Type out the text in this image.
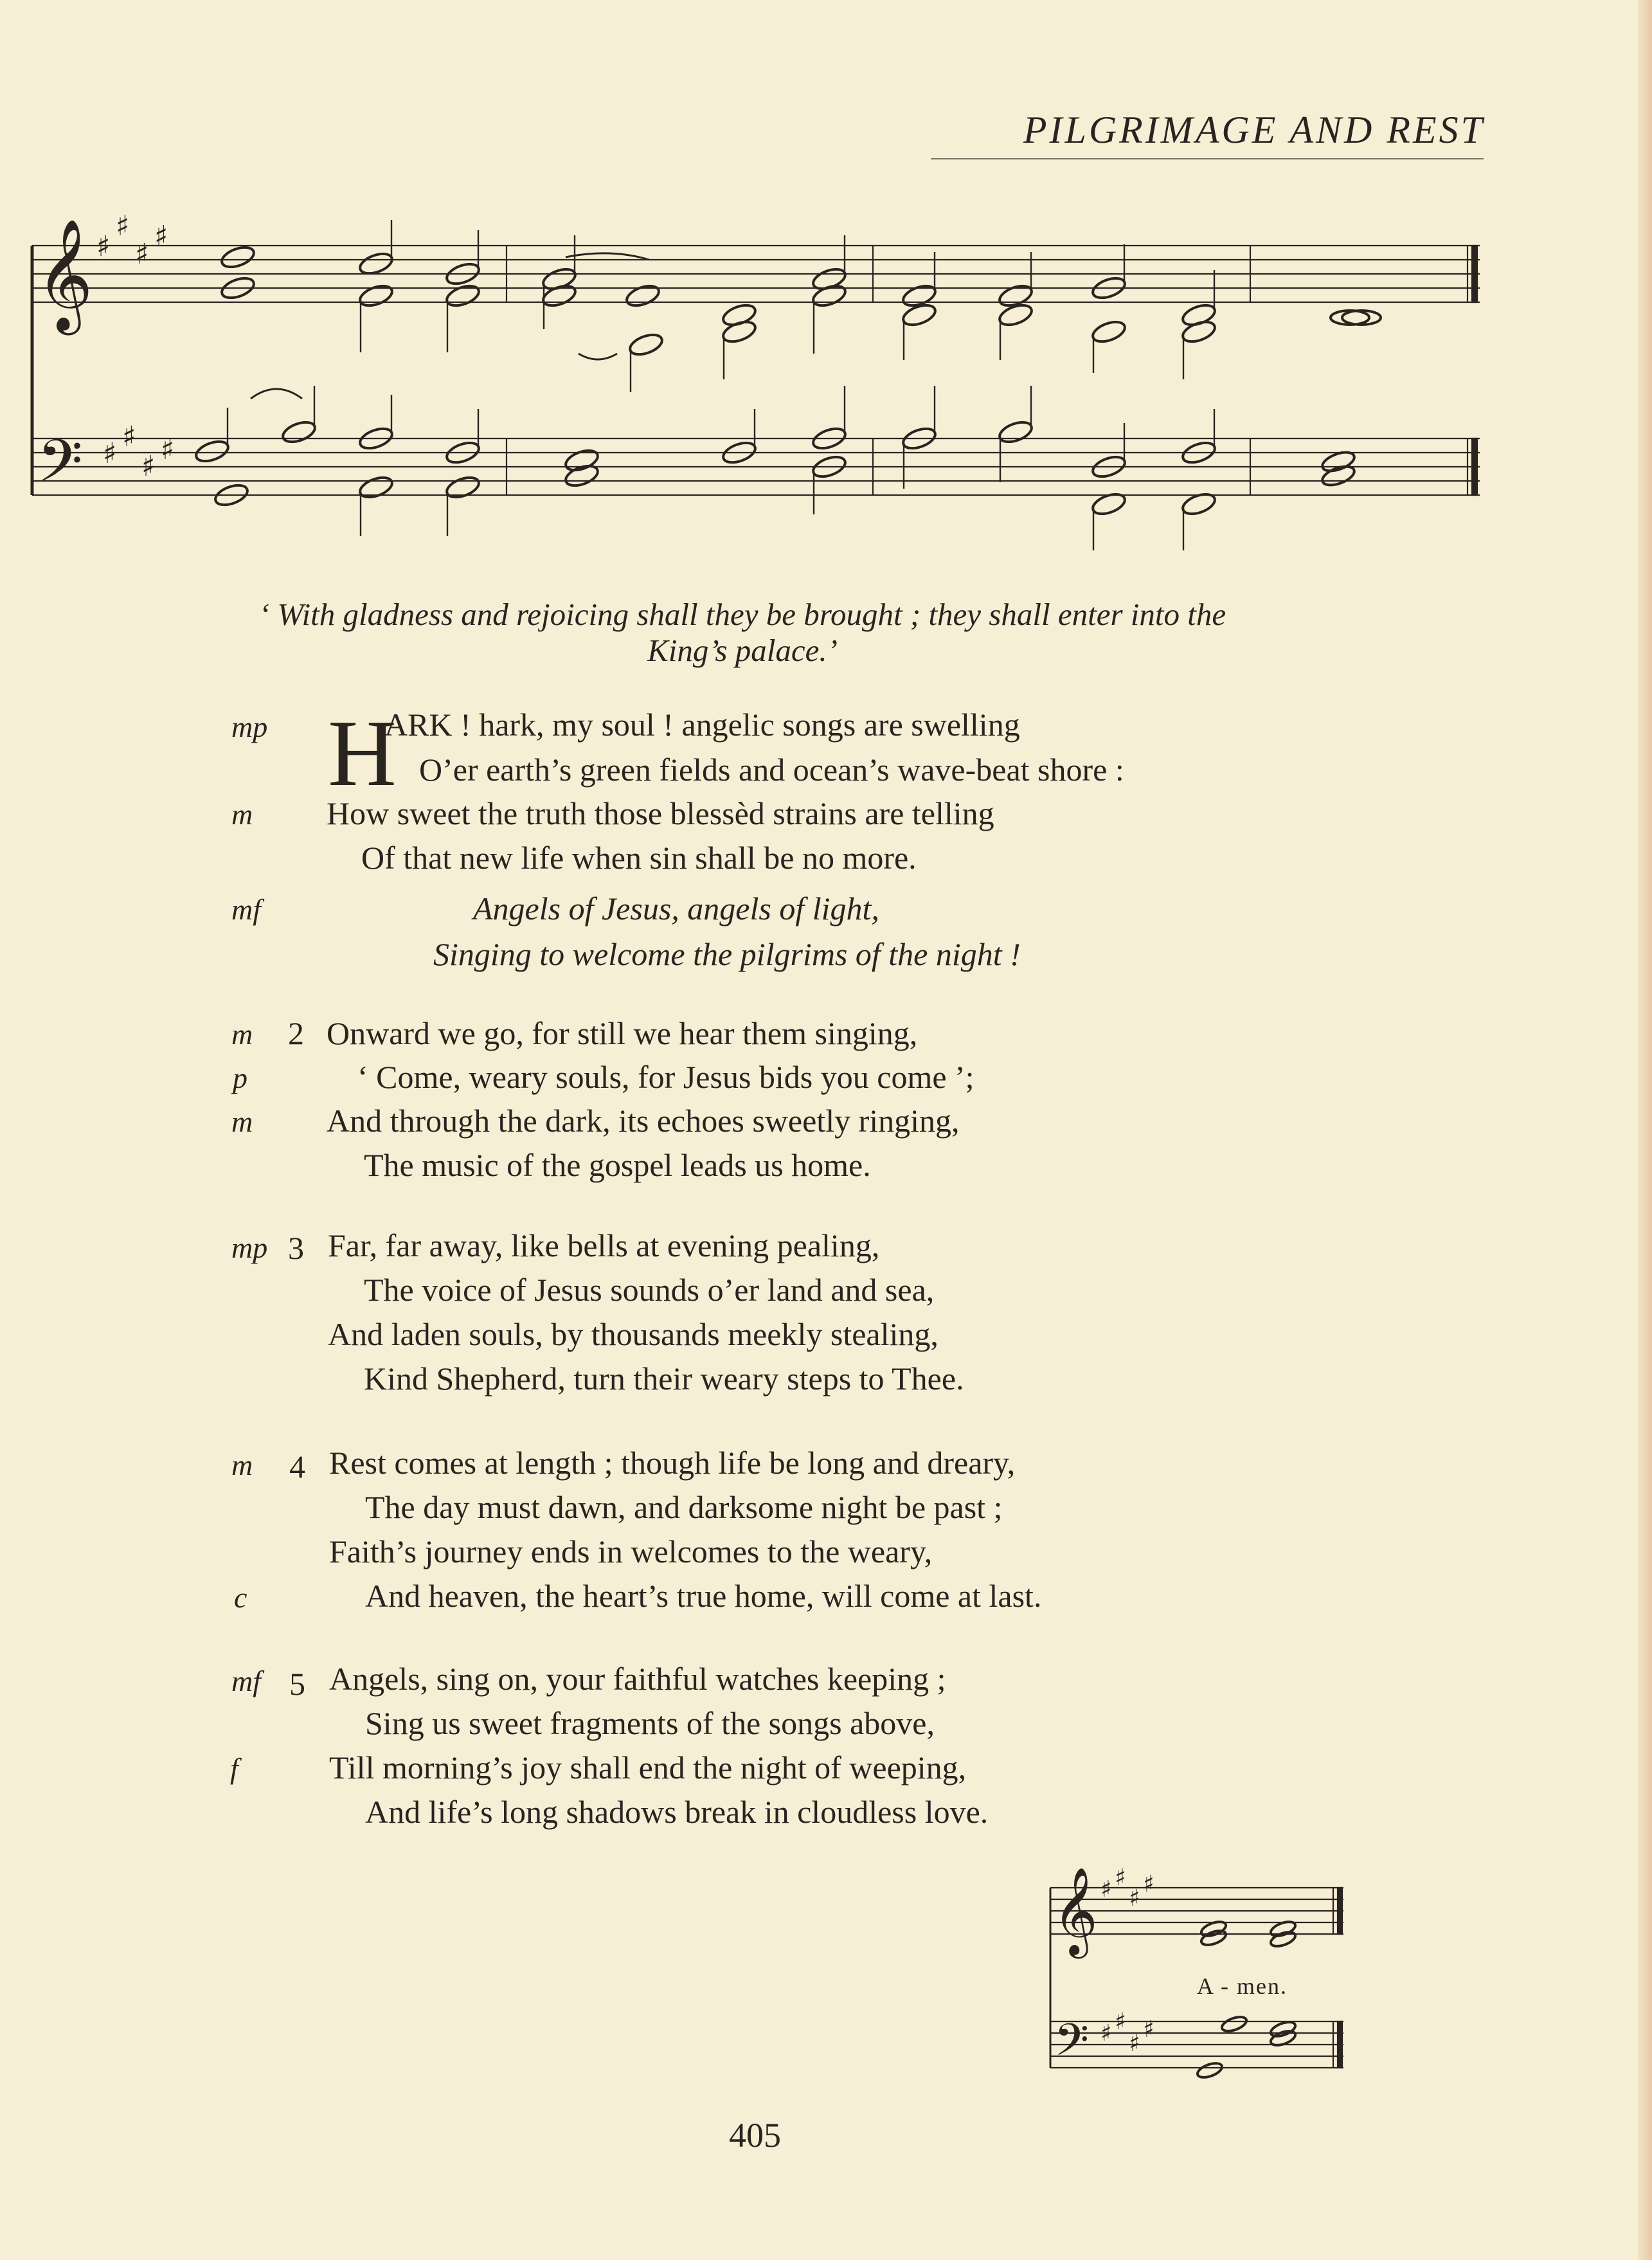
PILGRIMAGE AND REST
𝄞
𝄢
♯
♯
♯
♯
♯
♯
♯
♯
‘ With gladness and rejoicing shall they be brought ; they shall enter into the
King’s palace.’
mp H
ARK ! hark, my soul ! angelic songs are swelling
O’er earth’s green fields and ocean’s wave-beat shore :
m How sweet the truth those blessèd strains are telling
Of that new life when sin shall be no more.
mf	Angels of Jesus, angels of light,
Singing to welcome the pilgrims of the night !
m 2 Onward we go, for still we hear them singing,
p	‘ Come, weary souls, for Jesus bids you come ’;
m And through the dark, its echoes sweetly ringing,
The music of the gospel leads us home.
mp 3 Far, far away, like bells at evening pealing,
The voice of Jesus sounds o’er land and sea,
And laden souls, by thousands meekly stealing,
Kind Shepherd, turn their weary steps to Thee.
m 4 Rest comes at length ; though life be long and dreary,
The day must dawn, and darksome night be past ;
Faith’s journey ends in welcomes to the weary,
c	And heaven, the heart’s true home, will come at last.
mf 5 Angels, sing on, your faithful watches keeping ;
Sing us sweet fragments of the songs above,
f	Till morning’s joy shall end the night of weeping,
And life’s long shadows break in cloudless love.
𝄞
𝄢
♯ ♯
♯
♯
♯ ♯
♯
♯
A - men.
405
